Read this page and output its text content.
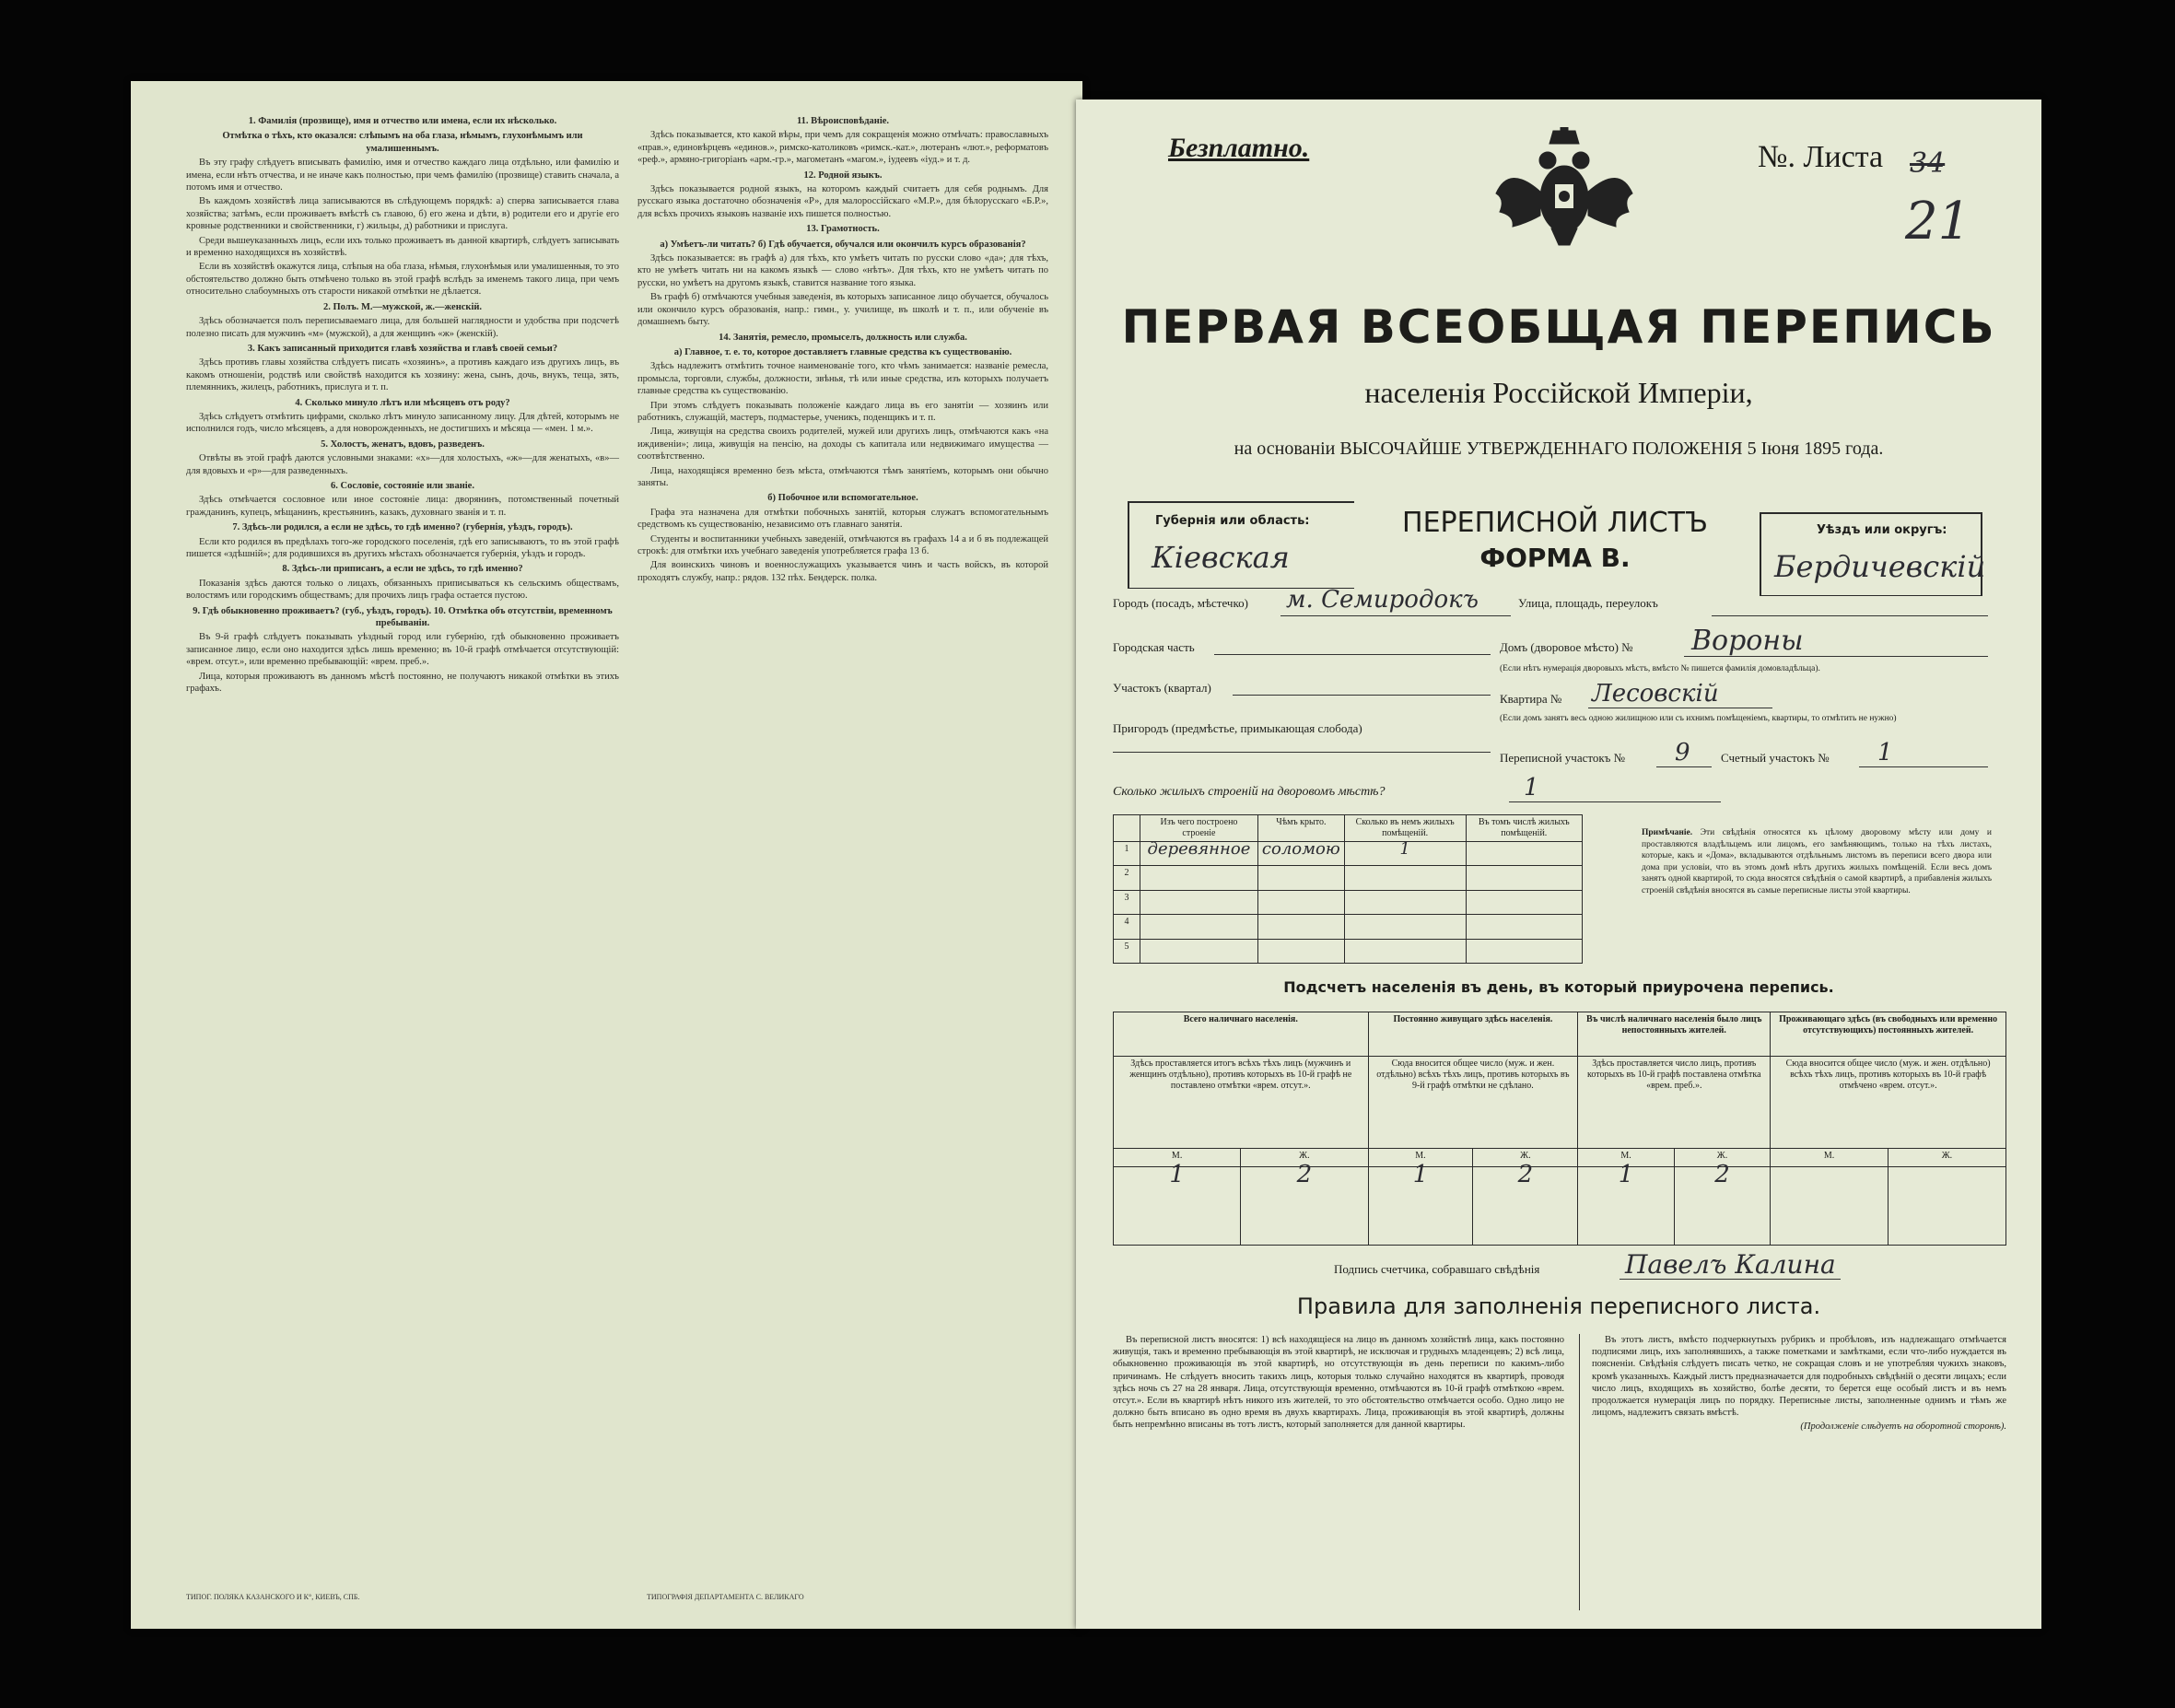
1. Фамилія (прозвище), имя и отчество или имена, если их нѣсколько.

Отмѣтка о тѣхъ, кто оказался: слѣпымъ на оба глаза, нѣмымъ, глухонѣмымъ или умалишеннымъ.

Въ эту графу слѣдуетъ вписывать фамилію, имя и отчество каждаго лица отдѣльно, или фамилію и имена, если нѣтъ отчества, и не иначе какъ полностью, при чемъ фамилію (прозвище) ставить сначала, а потомъ имя и отчество.

Въ каждомъ хозяйствѣ лица записываются въ слѣдующемъ порядкѣ: а) сперва записывается глава хозяйства; затѣмъ, если проживаетъ вмѣстѣ съ главою, б) его жена и дѣти, в) родители его и другіе его кровные родственники и свойственники, г) жильцы, д) работники и прислуга.

Среди вышеуказанныхъ лицъ, если ихъ только проживаетъ въ данной квартирѣ, слѣдуетъ записывать и временно находящихся въ хозяйствѣ.

Если въ хозяйствѣ окажутся лица, слѣпыя на оба глаза, нѣмыя, глухонѣмыя или умалишенныя, то это обстоятельство должно быть отмѣчено только въ этой графѣ вслѣдъ за именемъ такого лица, при чемъ относительно слабоумныхъ отъ старости никакой отмѣтки не дѣлается.

2. Полъ. М.—мужской, ж.—женскій.

Здѣсь обозначается полъ переписываемаго лица, для большей наглядности и удобства при подсчетѣ полезно писать для мужчинъ «м» (мужской), а для женщинъ «ж» (женскій).

3. Какъ записанный приходится главѣ хозяйства и главѣ своей семьи?

Здѣсь противъ главы хозяйства слѣдуетъ писать «хозяинъ», а противъ каждаго изъ другихъ лицъ, въ какомъ отношеніи, родствѣ или свойствѣ находится къ хозяину: жена, сынъ, дочь, внукъ, теща, зять, племянникъ, жилецъ, работникъ, прислуга и т. п.

4. Сколько минуло лѣтъ или мѣсяцевъ отъ роду?

Здѣсь слѣдуетъ отмѣтить цифрами, сколько лѣтъ минуло записанному лицу. Для дѣтей, которымъ не исполнился годъ, число мѣсяцевъ, а для новорожденныхъ, не достигшихъ и мѣсяца — «мен. 1 м.».

5. Холостъ, женатъ, вдовъ, разведенъ.

Отвѣты въ этой графѣ даются условными знаками: «х»—для холостыхъ, «ж»—для женатыхъ, «в»—для вдовыхъ и «р»—для разведенныхъ.

6. Сословіе, состояніе или званіе.

Здѣсь отмѣчается сословное или иное состояніе лица: дворянинъ, потомственный почетный гражданинъ, купецъ, мѣщанинъ, крестьянинъ, казакъ, духовнаго званія и т. п.

7. Здѣсь-ли родился, а если не здѣсь, то гдѣ именно? (губернія, уѣздъ, городъ).

Если кто родился въ предѣлахъ того-же городского поселенія, гдѣ его записываютъ, то въ этой графѣ пишется «здѣшній»; для родившихся въ другихъ мѣстахъ обозначается губернія, уѣздъ и городъ.

8. Здѣсь-ли приписанъ, а если не здѣсь, то гдѣ именно?

Показанія здѣсь даются только о лицахъ, обязанныхъ приписываться къ сельскимъ обществамъ, волостямъ или городскимъ обществамъ; для прочихъ лицъ графа остается пустою.

9. Гдѣ обыкновенно проживаетъ? (губ., уѣздъ, городъ). 10. Отмѣтка объ отсутствіи, временномъ пребываніи.

Въ 9-й графѣ слѣдуетъ показывать уѣздный город или губернію, гдѣ обыкновенно проживаетъ записанное лицо, если оно находится здѣсь лишь временно; въ 10-й графѣ отмѣчается отсутствующій: «врем. отсут.», или временно пребывающій: «врем. преб.».

Лица, которыя проживаютъ въ данномъ мѣстѣ постоянно, не получаютъ никакой отмѣтки въ этихъ графахъ.

11. Вѣроисповѣданіе.

Здѣсь показывается, кто какой вѣры, при чемъ для сокращенія можно отмѣчать: православныхъ «прав.», единовѣрцевъ «единов.», римско-католиковъ «римск.-кат.», лютеранъ «лют.», реформатовъ «реф.», армяно-григоріанъ «арм.-гр.», магометанъ «магом.», іудеевъ «іуд.» и т. д.

12. Родной языкъ.

Здѣсь показывается родной языкъ, на которомъ каждый считаетъ для себя роднымъ. Для русскаго языка достаточно обозначенія «Р», для малороссійскаго «М.Р.», для бѣлорусскаго «Б.Р.», для всѣхъ прочихъ языковъ названіе ихъ пишется полностью.

13. Грамотность.

а) Умѣетъ-ли читать? б) Гдѣ обучается, обучался или окончилъ курсъ образованія?

Здѣсь показывается: въ графѣ а) для тѣхъ, кто умѣетъ читать по русски слово «да»; для тѣхъ, кто не умѣетъ читать ни на какомъ языкѣ — слово «нѣтъ». Для тѣхъ, кто не умѣетъ читать по русски, но умѣетъ на другомъ языкѣ, ставится название того языка.

Въ графѣ б) отмѣчаются учебныя заведенія, въ которыхъ записанное лицо обучается, обучалось или окончило курсъ образованія, напр.: гимн., у. училище, въ школѣ и т. п., или обученіе въ домашнемъ быту.

14. Занятія, ремесло, промыселъ, должность или служба.

а) Главное, т. е. то, которое доставляетъ главные средства къ существованію.

Здѣсь надлежитъ отмѣтить точное наименованіе того, кто чѣмъ занимается: названіе ремесла, промысла, торговли, службы, должности, звѣнья, тѣ или иные средства, изъ которыхъ получаетъ главные средства къ существованію.

При этомъ слѣдуетъ показывать положеніе каждаго лица въ его занятіи — хозяинъ или работникъ, служащій, мастеръ, подмастерье, ученикъ, поденщикъ и т. п.

Лица, живущія на средства своихъ родителей, мужей или другихъ лицъ, отмѣчаются какъ «на иждивеніи»; лица, живущія на пенсію, на доходы съ капитала или недвижимаго имущества — соотвѣтственно.

Лица, находящіяся временно безъ мѣста, отмѣчаются тѣмъ занятіемъ, которымъ они обычно заняты.

б) Побочное или вспомогательное.

Графа эта назначена для отмѣтки побочныхъ занятій, которыя служатъ вспомогательнымъ средствомъ къ существованію, независимо отъ главнаго занятія.

Студенты и воспитанники учебныхъ заведеній, отмѣчаются въ графахъ 14 а и б въ подлежащей строкѣ: для отмѣтки ихъ учебнаго заведенія употребляется графа 13 б.

Для воинскихъ чиновъ и военнослужащихъ указывается чинъ и часть войскъ, въ которой проходятъ службу, напр.: рядов. 132 пѣх. Бендерск. полка.

ТИПОГ. ПОЛЯКА КАЗАНСКОГО И К°, КИЕВЪ, СПБ.	ТИПОГРАФІЯ ДЕПАРТАМЕНТА С. ВЕЛИКАГО
Безплатно.	№. Листа 34
21
ПЕРВАЯ ВСЕОБЩАЯ ПЕРЕПИСЬ
населенія Россійской Имперіи,
на основаніи ВЫСОЧАЙШЕ УТВЕРЖДЕННАГО ПОЛОЖЕНІЯ 5 Іюня 1895 года.
Губернія или область:
Кіевская
ПЕРЕПИСНОЙ ЛИСТЪ
ФОРМА В.
Уѣздъ или округъ:
Бердичевскій
Городъ (посадъ, мѣстечко) м. Семиродокъ	Улица, площадь, переулокъ
Городская часть	Домъ (дворовое мѣсто) № Вороны
(Если нѣтъ нумерація дворовыхъ мѣстъ, вмѣсто № пишется фамилія домовладѣльца).
Участокъ (квартал)
Квартира № Лесовскій
(Если домъ занятъ весь одною жилищною или съ ихнимъ помѣщеніемъ, квартиры, то отмѣтить не нужно)
Пригородъ (предмѣстье, примыкающая слобода)
Переписной участокъ № 9	Счетный участокъ № 1
Сколько жилыхъ строеній на дворовомъ мѣстѣ?	1
	Изъ чего построено строеніе	Чѣмъ крыто.	Сколько въ немъ жилыхъ помѣщеній.	Въ томъ числѣ жилыхъ помѣщеній.
1	деревянное	соломою	1	
2				
3				
4				
5				
Примѣчаніе. Эти свѣдѣнія относятся къ цѣлому дворовому мѣсту или дому и проставляются владѣльцемъ или лицомъ, его замѣняющимъ, только на тѣхъ листахъ, которые, какъ и «Дома», вкладываются отдѣльнымъ листомъ въ переписи всего двора или дома при условіи, что въ этомъ домѣ нѣтъ другихъ жилыхъ помѣщеній. Если весь домъ занятъ одной квартирой, то сюда вносятся свѣдѣнія о самой квартирѣ, а прибавленія жилыхъ строеній свѣдѣнія вносятся въ самые переписные листы этой квартиры.
Подсчетъ населенія въ день, въ который приурочена перепись.
Всего наличнаго населенія.		Постоянно живущаго здѣсь населенія.		Въ числѣ наличнаго населенія было лицъ непостоянныхъ жителей.		Проживающаго здѣсь (въ свободныхъ или временно отсутствующихъ) постоянныхъ жителей.	
Здѣсь проставляется итогъ всѣхъ тѣхъ лицъ (мужчинъ и женщинъ отдѣльно), противъ которыхъ въ 10-й графѣ не поставлено отмѣтки «врем. отсут.».		Сюда вносится общее число (муж. и жен. отдѣльно) всѣхъ тѣхъ лицъ, противъ которыхъ въ 9-й графѣ отмѣтки не сдѣлано.		Здѣсь проставляется число лицъ, противъ которыхъ въ 10-й графѣ поставлена отмѣтка «врем. преб.».		Сюда вносится общее число (муж. и жен. отдѣльно) всѣхъ тѣхъ лицъ, противъ которыхъ въ 10-й графѣ отмѣчено «врем. отсут.».	
М.	Ж.	М.	Ж.	М.	Ж.	М.	Ж.
1	2	1	2	1	2		
Подпись счетчика, собравшаго свѣдѣнія	Павелъ Калина
Правила для заполненія переписного листа.

Въ переписной листъ вносятся: 1) всѣ находящіеся на лицо въ данномъ хозяйствѣ лица, какъ постоянно живущія, такъ и временно пребывающія въ этой квартирѣ, не исключая и грудныхъ младенцевъ; 2) всѣ лица, обыкновенно проживающія въ этой квартирѣ, но отсутствующія въ день переписи по какимъ-либо причинамъ. Не слѣдуетъ вносить такихъ лицъ, которыя только случайно находятся въ квартирѣ, проводя здѣсь ночь съ 27 на 28 января. Лица, отсутствующія временно, отмѣчаются въ 10-й графѣ отмѣткою «врем. отсут.». Если въ квартирѣ нѣтъ никого изъ жителей, то это обстоятельство отмѣчается особо. Одно лицо не должно быть вписано въ одно время въ двухъ квартирахъ. Лица, проживающія въ этой квартирѣ, должны быть непремѣнно вписаны въ тотъ листъ, который заполняется для данной квартиры.

Въ этотъ листъ, вмѣсто подчеркнутыхъ рубрикъ и пробѣловъ, изъ надлежащаго отмѣчается подписями лицъ, ихъ заполнявшихъ, а также пометками и замѣтками, если что-либо нуждается въ поясненіи. Свѣдѣнія слѣдуетъ писать четко, не сокращая словъ и не употребляя чужихъ знаковъ, кромѣ указанныхъ. Каждый листъ предназначается для подробныхъ свѣдѣній о десяти лицахъ; если число лицъ, входящихъ въ хозяйство, болѣе десяти, то берется еще особый листъ и въ немъ продолжается нумерація лицъ по порядку. Переписные листы, заполненные однимъ и тѣмъ же лицомъ, надлежитъ связать вмѣстѣ.

(Продолженіе слѣдуетъ на оборотной сторонѣ).
